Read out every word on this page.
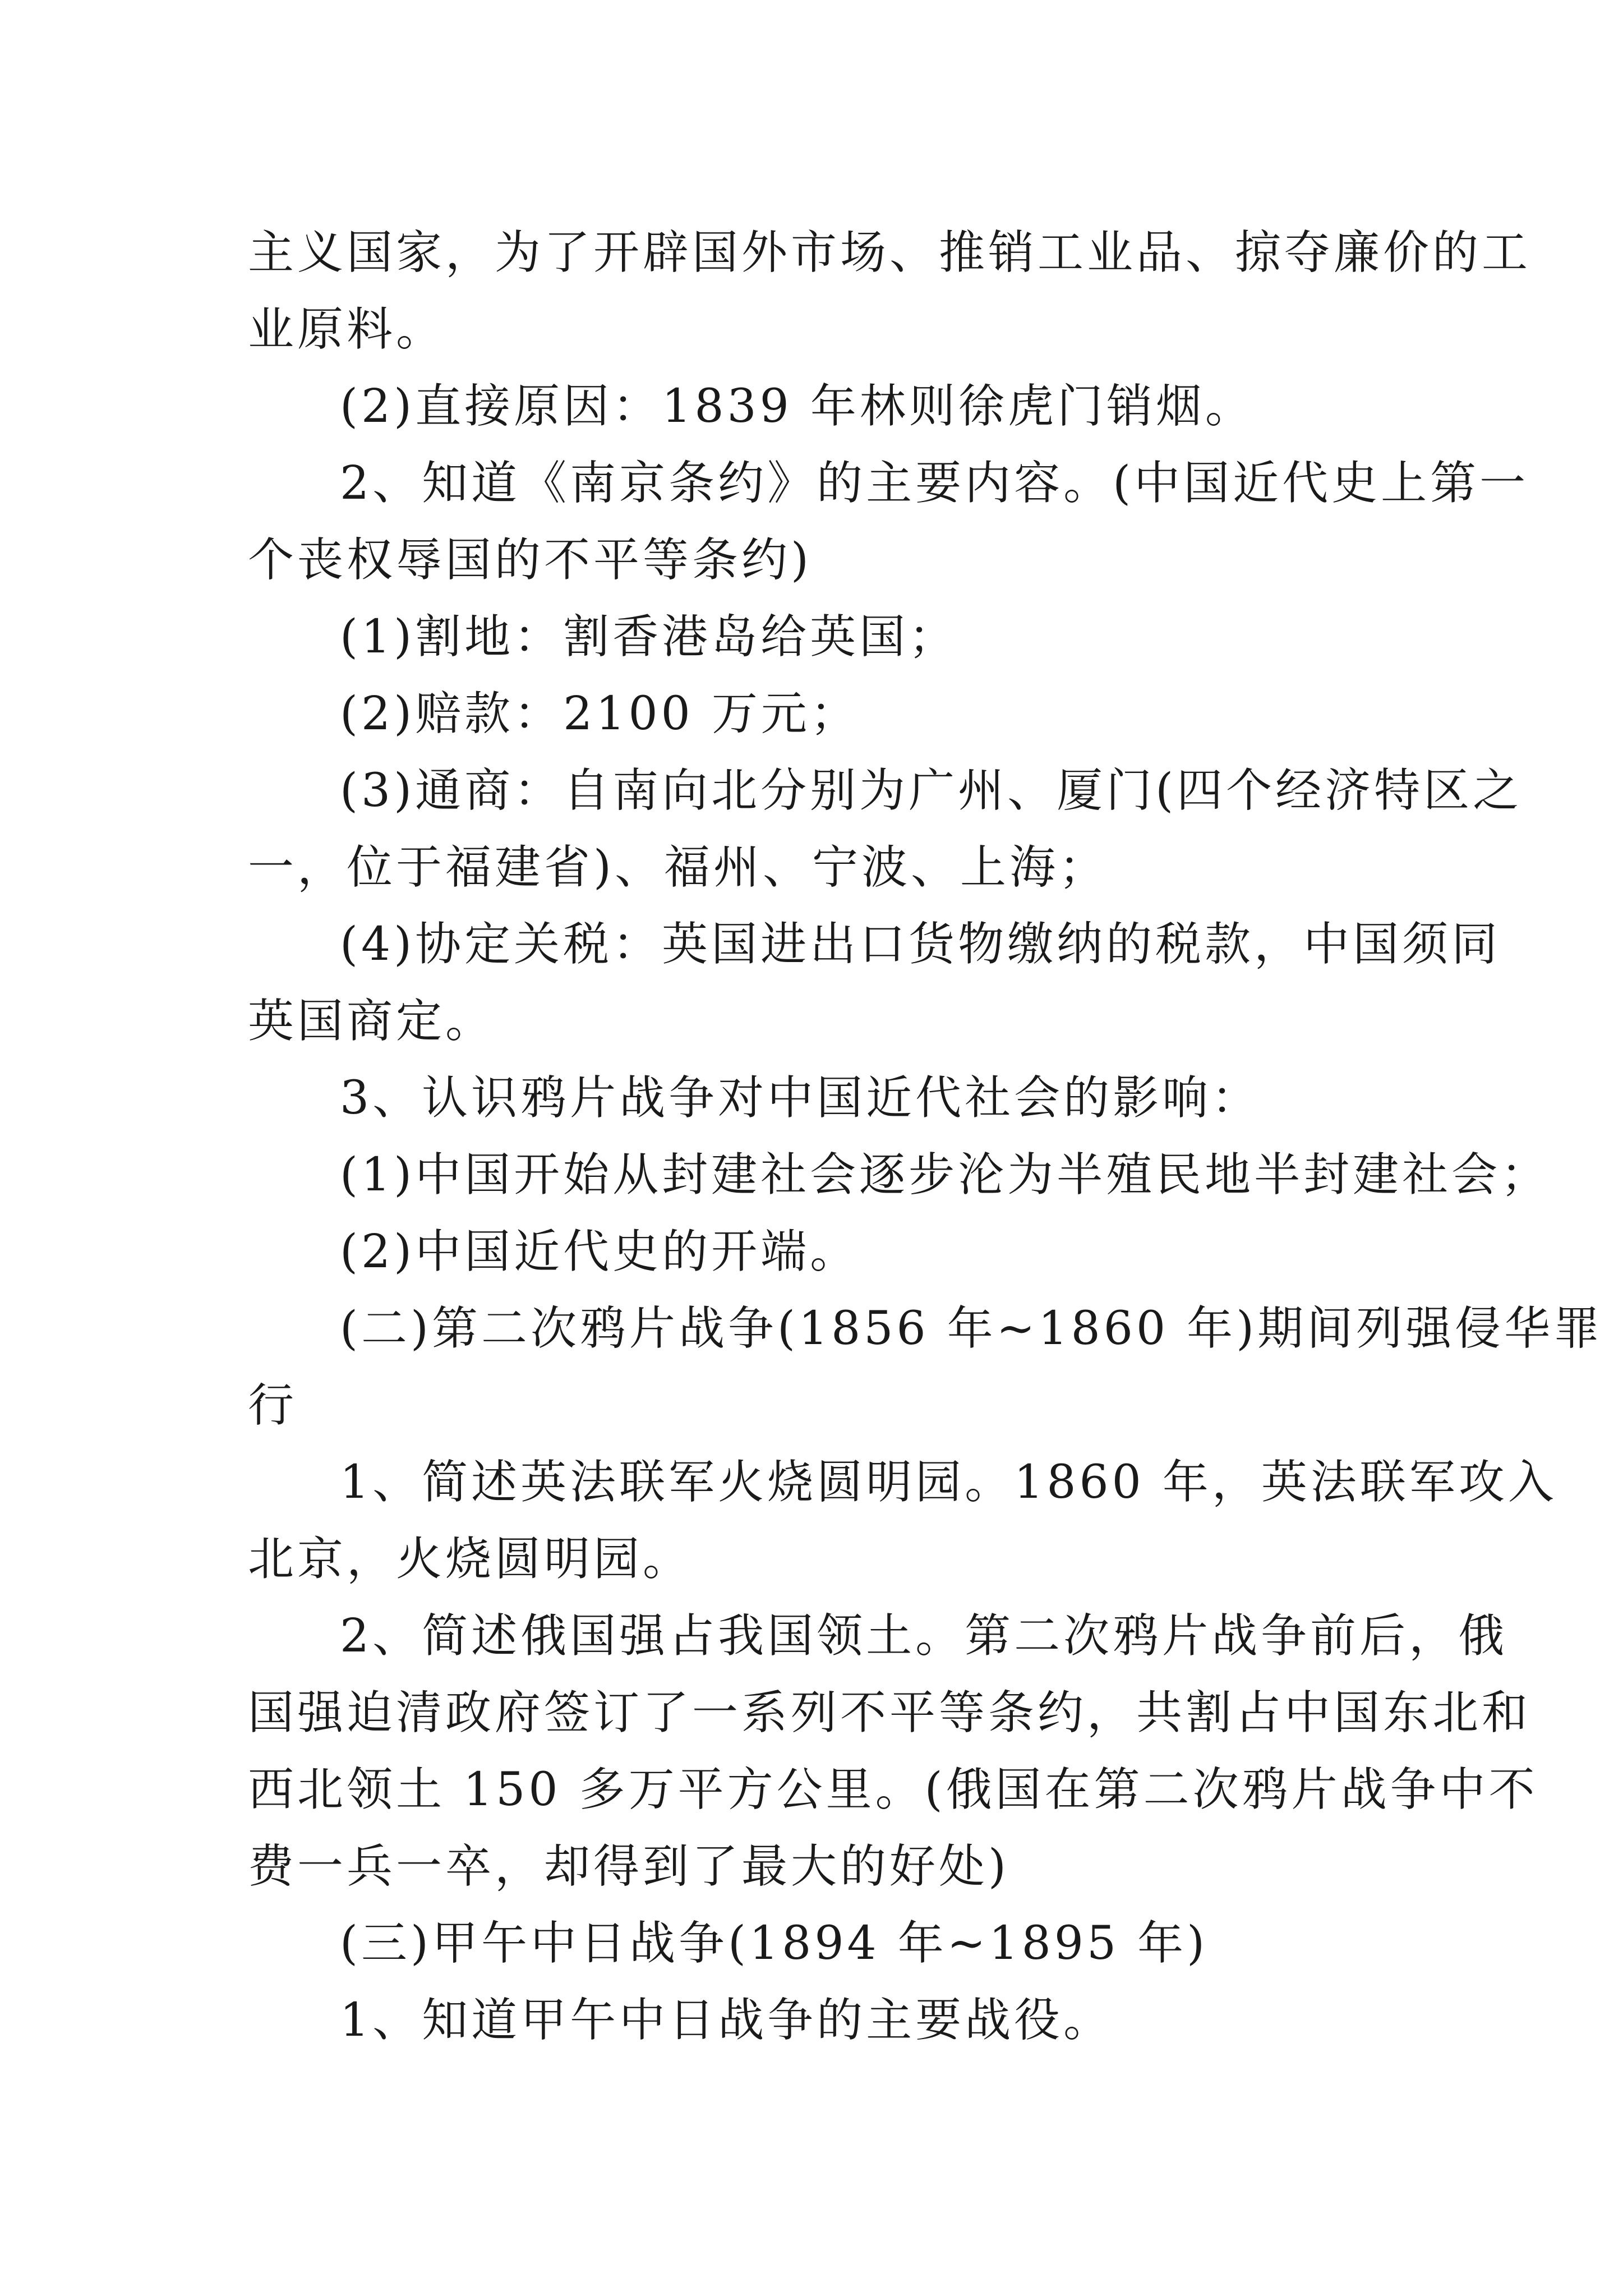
主义国家，为了开辟国外市场、推销工业品、掠夺廉价的工
业原料。
(2)直接原因：1839 年林则徐虎门销烟。
2、知道《南京条约》的主要内容。(中国近代史上第一
个丧权辱国的不平等条约)
(1)割地：割香港岛给英国；
(2)赔款：2100 万元；
(3)通商：自南向北分别为广州、厦门(四个经济特区之
一，位于福建省)、福州、宁波、上海；
(4)协定关税：英国进出口货物缴纳的税款，中国须同
英国商定。
3、认识鸦片战争对中国近代社会的影响：
(1)中国开始从封建社会逐步沦为半殖民地半封建社会；
(2)中国近代史的开端。
(二)第二次鸦片战争(1856 年~1860 年)期间列强侵华罪
行
1、简述英法联军火烧圆明园。1860 年，英法联军攻入
北京，火烧圆明园。
2、简述俄国强占我国领土。第二次鸦片战争前后，俄
国强迫清政府签订了一系列不平等条约，共割占中国东北和
西北领土 150 多万平方公里。(俄国在第二次鸦片战争中不
费一兵一卒，却得到了最大的好处)
(三)甲午中日战争(1894 年~1895 年)
1、知道甲午中日战争的主要战役。
